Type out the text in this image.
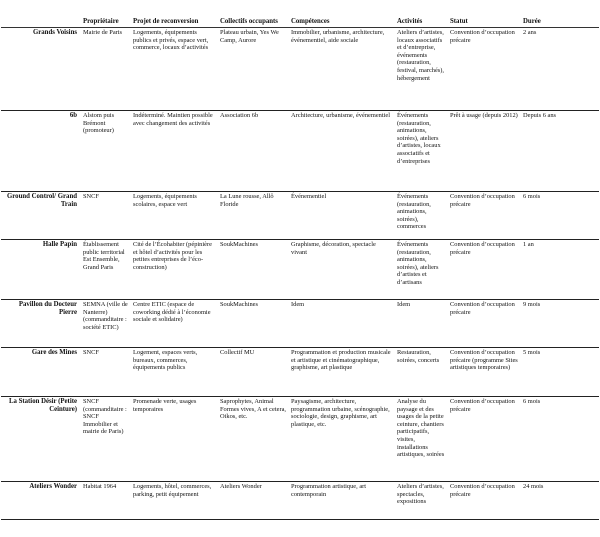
	Propriétaire	Projet de reconversion	Collectifs occupants	Compétences	Activités	Statut	Durée
Grands Voisins	Mairie de Paris	Logements, équipements publics et privés, espace vert, commerce, locaux d’activités	Plateau urbain, Yes We Camp, Aurore	Immobilier, urbanisme, architecture, événementiel, aide sociale	Ateliers d’artistes, locaux associatifs et d’entreprise, événements (restauration, festival, marchés), hébergement	Convention d’occupation précaire	2 ans
6b	Alstom puis Brémont (promoteur)	Indéterminé. Maintien possible avec changement des activités	Association 6b	Architecture, urbanisme, événementiel	Événements (restauration, animations, soirées), ateliers d’artistes, locaux associatifs et d’entreprises	Prêt à usage (depuis 2012)	Depuis 6 ans
Ground Control/ Grand Train	SNCF	Logements, équipements scolaires, espace vert	La Lune rousse, Allô Floride	Événementiel	Événements (restauration, animations, soirées), commerces	Convention d’occupation précaire	6 mois
Halle Papin	Établissement public territorial Est Ensemble, Grand Paris	Cité de l’Écohabiter (pépinière et hôtel d’activités pour les petites entreprises de l’éco-construction)	SoukMachines	Graphisme, décoration, spectacle vivant	Événements (restauration, animations, soirées), ateliers d’artistes et d’artisans	Convention d’occupation précaire	1 an
Pavillon du Docteur Pierre	SEMNA (ville de Nanterre) (commanditaire : société ETIC)	Centre ETIC (espace de coworking dédié à l’économie sociale et solidaire)	SoukMachines	Idem	Idem	Convention d’occupation précaire	9 mois
Gare des Mines	SNCF	Logement, espaces verts, bureaux, commerces, équipements publics	Collectif MU	Programmation et production musicale et artistique et cinématographique, graphisme, art plastique	Restauration, soirées, concerts	Convention d’occupation précaire (programme Sites artistiques temporaires)	5 mois
La Station Désir (Petite Ceinture)	SNCF (commanditaire : SNCF Immobilier et mairie de Paris)	Promenade verte, usages temporaires	Saprophytes, Animal Formes vives, A et cetera, Oikos, etc.	Paysagisme, architecture, programmation urbaine, scénographie, sociologie, design, graphisme, art plastique, etc.	Analyse du paysage et des usages de la petite ceinture, chantiers participatifs, visites, installations artistiques, soirées	Convention d’occupation précaire	6 mois
Ateliers Wonder	Habitat 1964	Logements, hôtel, commerces, parking, petit équipement	Ateliers Wonder	Programmation artistique, art contemporain	Ateliers d’artistes, spectacles, expositions	Convention d’occupation précaire	24 mois
